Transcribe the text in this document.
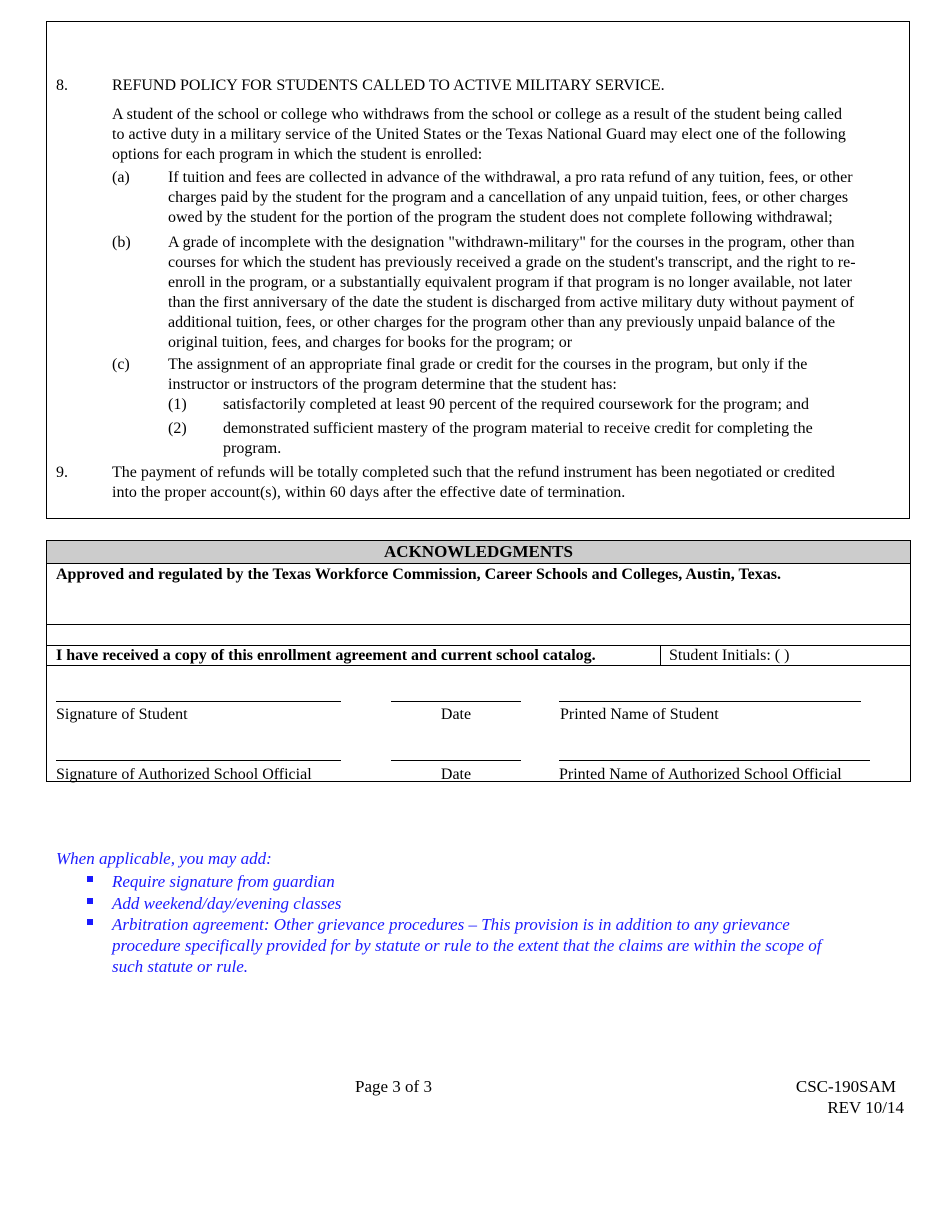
8.	REFUND POLICY FOR STUDENTS CALLED TO ACTIVE MILITARY SERVICE.
A student of the school or college who withdraws from the school or college as a result of the student being called
to active duty in a military service of the United States or the Texas National Guard may elect one of the following
options for each program in which the student is enrolled:
(a) If tuition and fees are collected in advance of the withdrawal, a pro rata refund of any tuition, fees, or other
charges paid by the student for the program and a cancellation of any unpaid tuition, fees, or other charges
owed by the student for the portion of the program the student does not complete following withdrawal;
(b) A grade of incomplete with the designation "withdrawn-military" for the courses in the program, other than
courses for which the student has previously received a grade on the student's transcript, and the right to re-
enroll in the program, or a substantially equivalent program if that program is no longer available, not later
than the first anniversary of the date the student is discharged from active military duty without payment of
additional tuition, fees, or other charges for the program other than any previously unpaid balance of the
original tuition, fees, and charges for books for the program; or
(c) The assignment of an appropriate final grade or credit for the courses in the program, but only if the
instructor or instructors of the program determine that the student has:
(1) satisfactorily completed at least 90 percent of the required coursework for the program; and
(2) demonstrated sufficient mastery of the program material to receive credit for completing the
program.
9.	The payment of refunds will be totally completed such that the refund instrument has been negotiated or credited
into the proper account(s), within 60 days after the effective date of termination.
ACKNOWLEDGMENTS
Approved and regulated by the Texas Workforce Commission, Career Schools and Colleges, Austin, Texas.
I have received a copy of this enrollment agreement and current school catalog.	Student Initials: ( )
Signature of Student	Date	Printed Name of Student
Signature of Authorized School Official	Date	Printed Name of Authorized School Official
When applicable, you may add:
Require signature from guardian
Add weekend/day/evening classes
Arbitration agreement: Other grievance procedures – This provision is in addition to any grievance
procedure specifically provided for by statute or rule to the extent that the claims are within the scope of
such statute or rule.
Page 3 of 3	CSC-190SAM
REV 10/14
